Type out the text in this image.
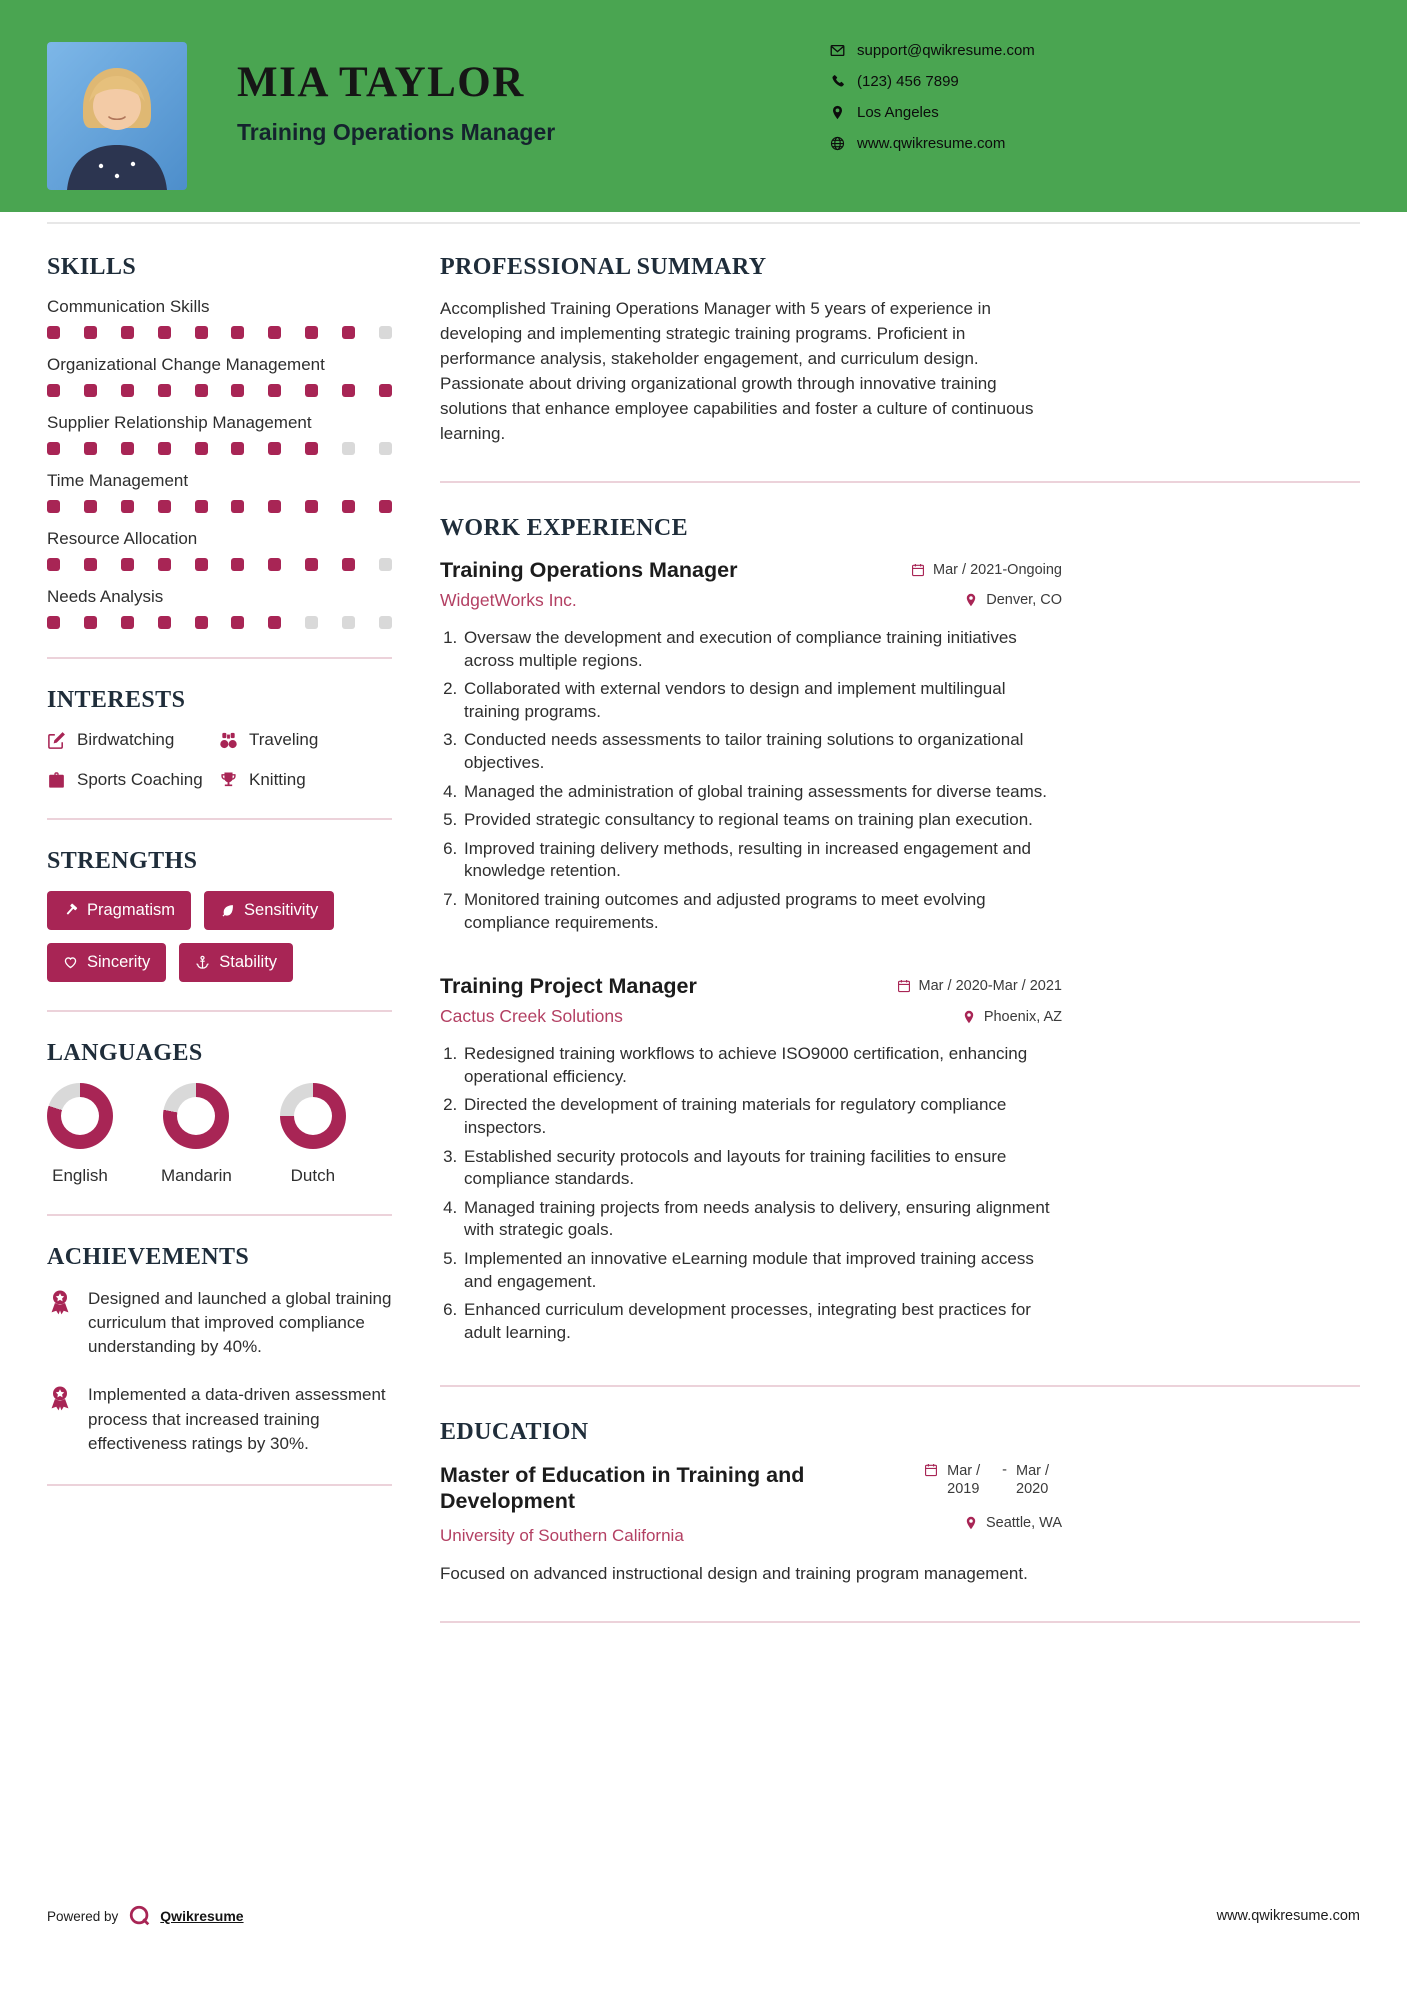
MIA TAYLOR
Training Operations Manager
support@qwikresume.com
(123) 456 7899
Los Angeles
www.qwikresume.com
SKILLS
Communication Skills
Organizational Change Management
Supplier Relationship Management
Time Management
Resource Allocation
Needs Analysis
INTERESTS
Birdwatching	Traveling
Sports Coaching	Knitting
STRENGTHS
Pragmatism	Sensitivity
Sincerity	Stability
LANGUAGES
English	Mandarin	Dutch
ACHIEVEMENTS
Designed and launched a global training curriculum that improved compliance understanding by 40%.
Implemented a data-driven assessment process that increased training effectiveness ratings by 30%.
PROFESSIONAL SUMMARY

Accomplished Training Operations Manager with 5 years of experience in developing and implementing strategic training programs. Proficient in performance analysis, stakeholder engagement, and curriculum design. Passionate about driving organizational growth through innovative training solutions that enhance employee capabilities and foster a culture of continuous learning.

WORK EXPERIENCE
Training Operations Manager	Mar / 2021-Ongoing
WidgetWorks Inc.	Denver, CO
1. Oversaw the development and execution of compliance training initiatives across multiple regions.
2. Collaborated with external vendors to design and implement multilingual training programs.
3. Conducted needs assessments to tailor training solutions to organizational objectives.
4. Managed the administration of global training assessments for diverse teams.
5. Provided strategic consultancy to regional teams on training plan execution.
6. Improved training delivery methods, resulting in increased engagement and knowledge retention.
7. Monitored training outcomes and adjusted programs to meet evolving compliance requirements.
Training Project Manager	Mar / 2020-Mar / 2021
Cactus Creek Solutions	Phoenix, AZ
1. Redesigned training workflows to achieve ISO9000 certification, enhancing operational efficiency.
2. Directed the development of training materials for regulatory compliance inspectors.
3. Established security protocols and layouts for training facilities to ensure compliance standards.
4. Managed training projects from needs analysis to delivery, ensuring alignment with strategic goals.
5. Implemented an innovative eLearning module that improved training access and engagement.
6. Enhanced curriculum development processes, integrating best practices for adult learning.
EDUCATION
Master of Education in Training and Development
University of Southern California
Mar / 2019
- Mar / 2020
Seattle, WA

Focused on advanced instructional design and training program management.

Powered by	Qwikresume	www.qwikresume.com
